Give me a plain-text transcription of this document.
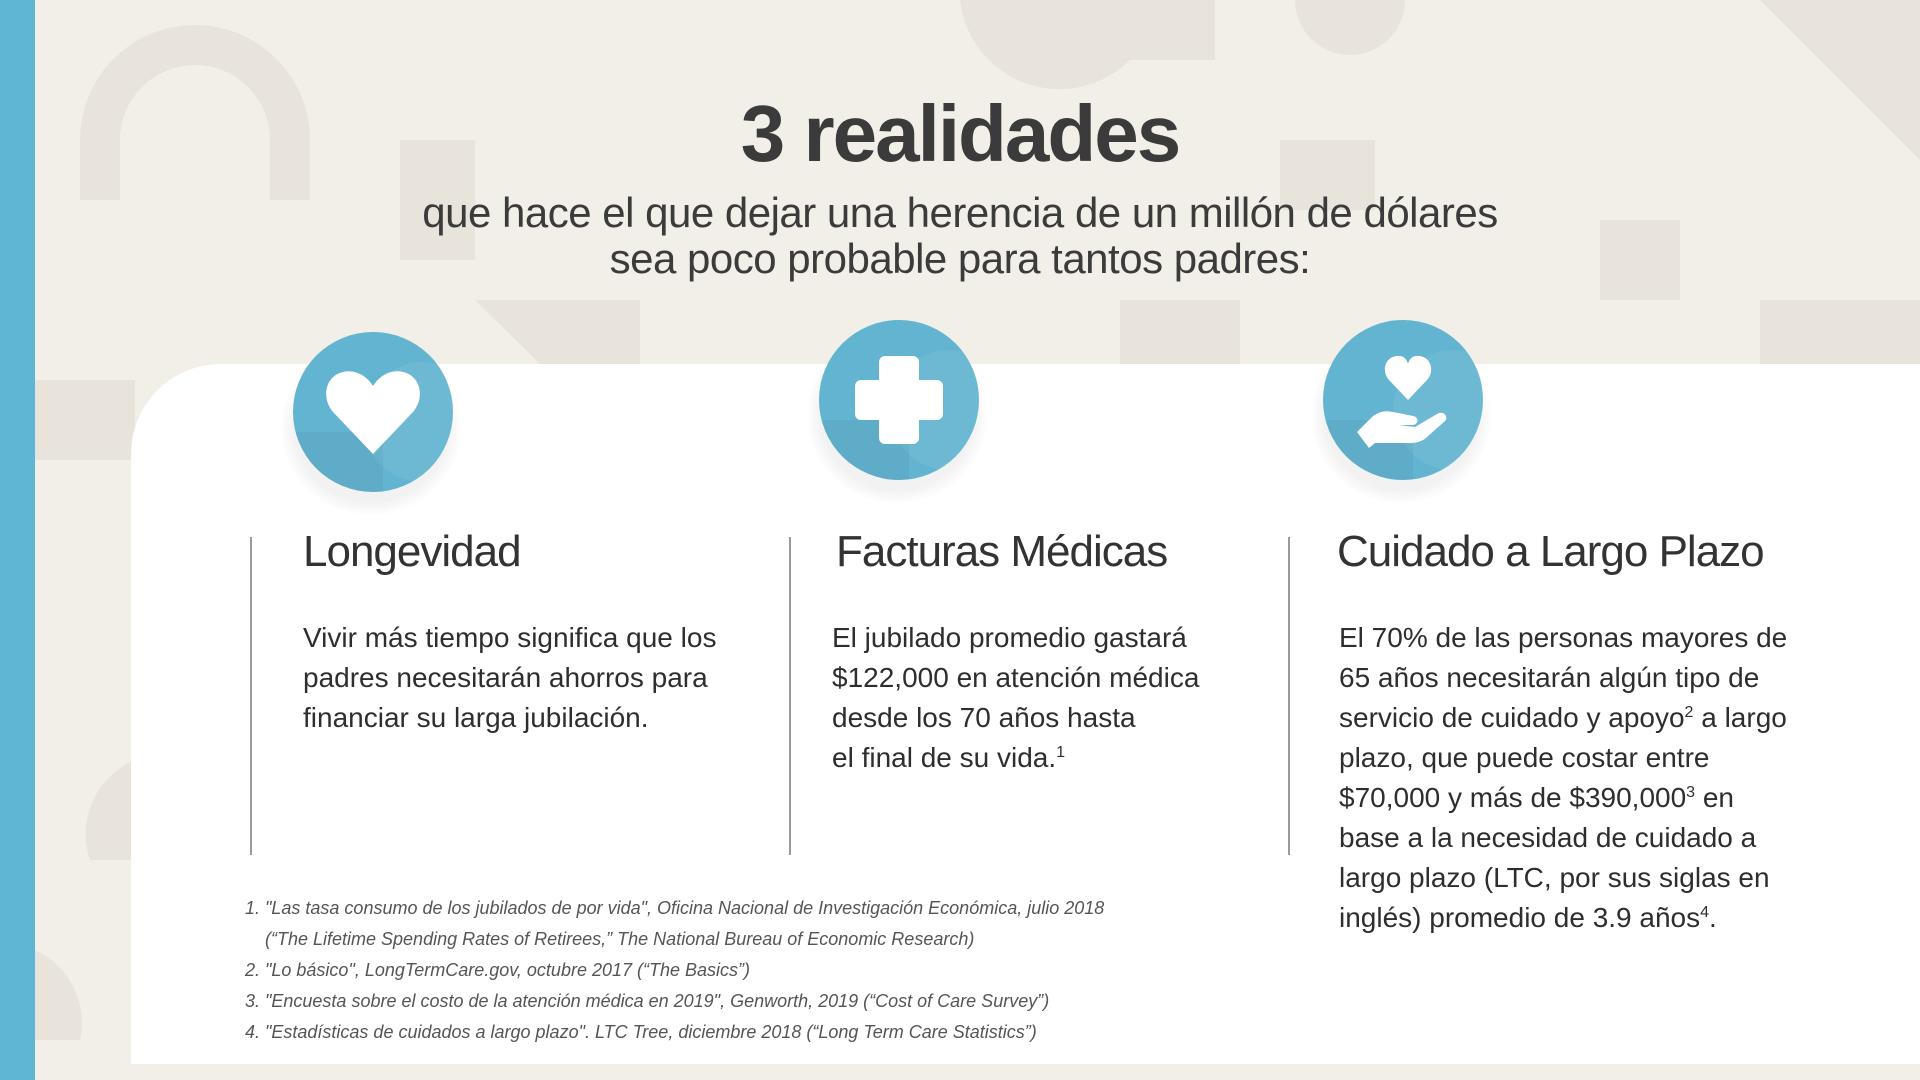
3 realidades
que hace el que dejar una herencia de un millón de dólares
sea poco probable para tantos padres:
Longevidad
Vivir más tiempo significa que los
padres necesitarán ahorros para
financiar su larga jubilación.
Facturas Médicas
El jubilado promedio gastará
$122,000 en atención médica
desde los 70 años hasta
el final de su vida.$^1$
Cuidado a Largo Plazo
El 70% de las personas mayores de
65 años necesitarán algún tipo de
servicio de cuidado y apoyo$^2$ a largo
plazo, que puede costar entre
$70,000 y más de $390,000$^3$ en
base a la necesidad de cuidado a
largo plazo (LTC, por sus siglas en
inglés) promedio de 3.9 años$^4$.
1. "Las tasa consumo de los jubilados de por vida", Oficina Nacional de Investigación Económica, julio 2018
(“The Lifetime Spending Rates of Retirees,” The National Bureau of Economic Research)
2. "Lo básico", LongTermCare.gov, octubre 2017 (“The Basics”)
3. "Encuesta sobre el costo de la atención médica en 2019", Genworth, 2019 (“Cost of Care Survey”)
4. "Estadísticas de cuidados a largo plazo". LTC Tree, diciembre 2018 (“Long Term Care Statistics”)
